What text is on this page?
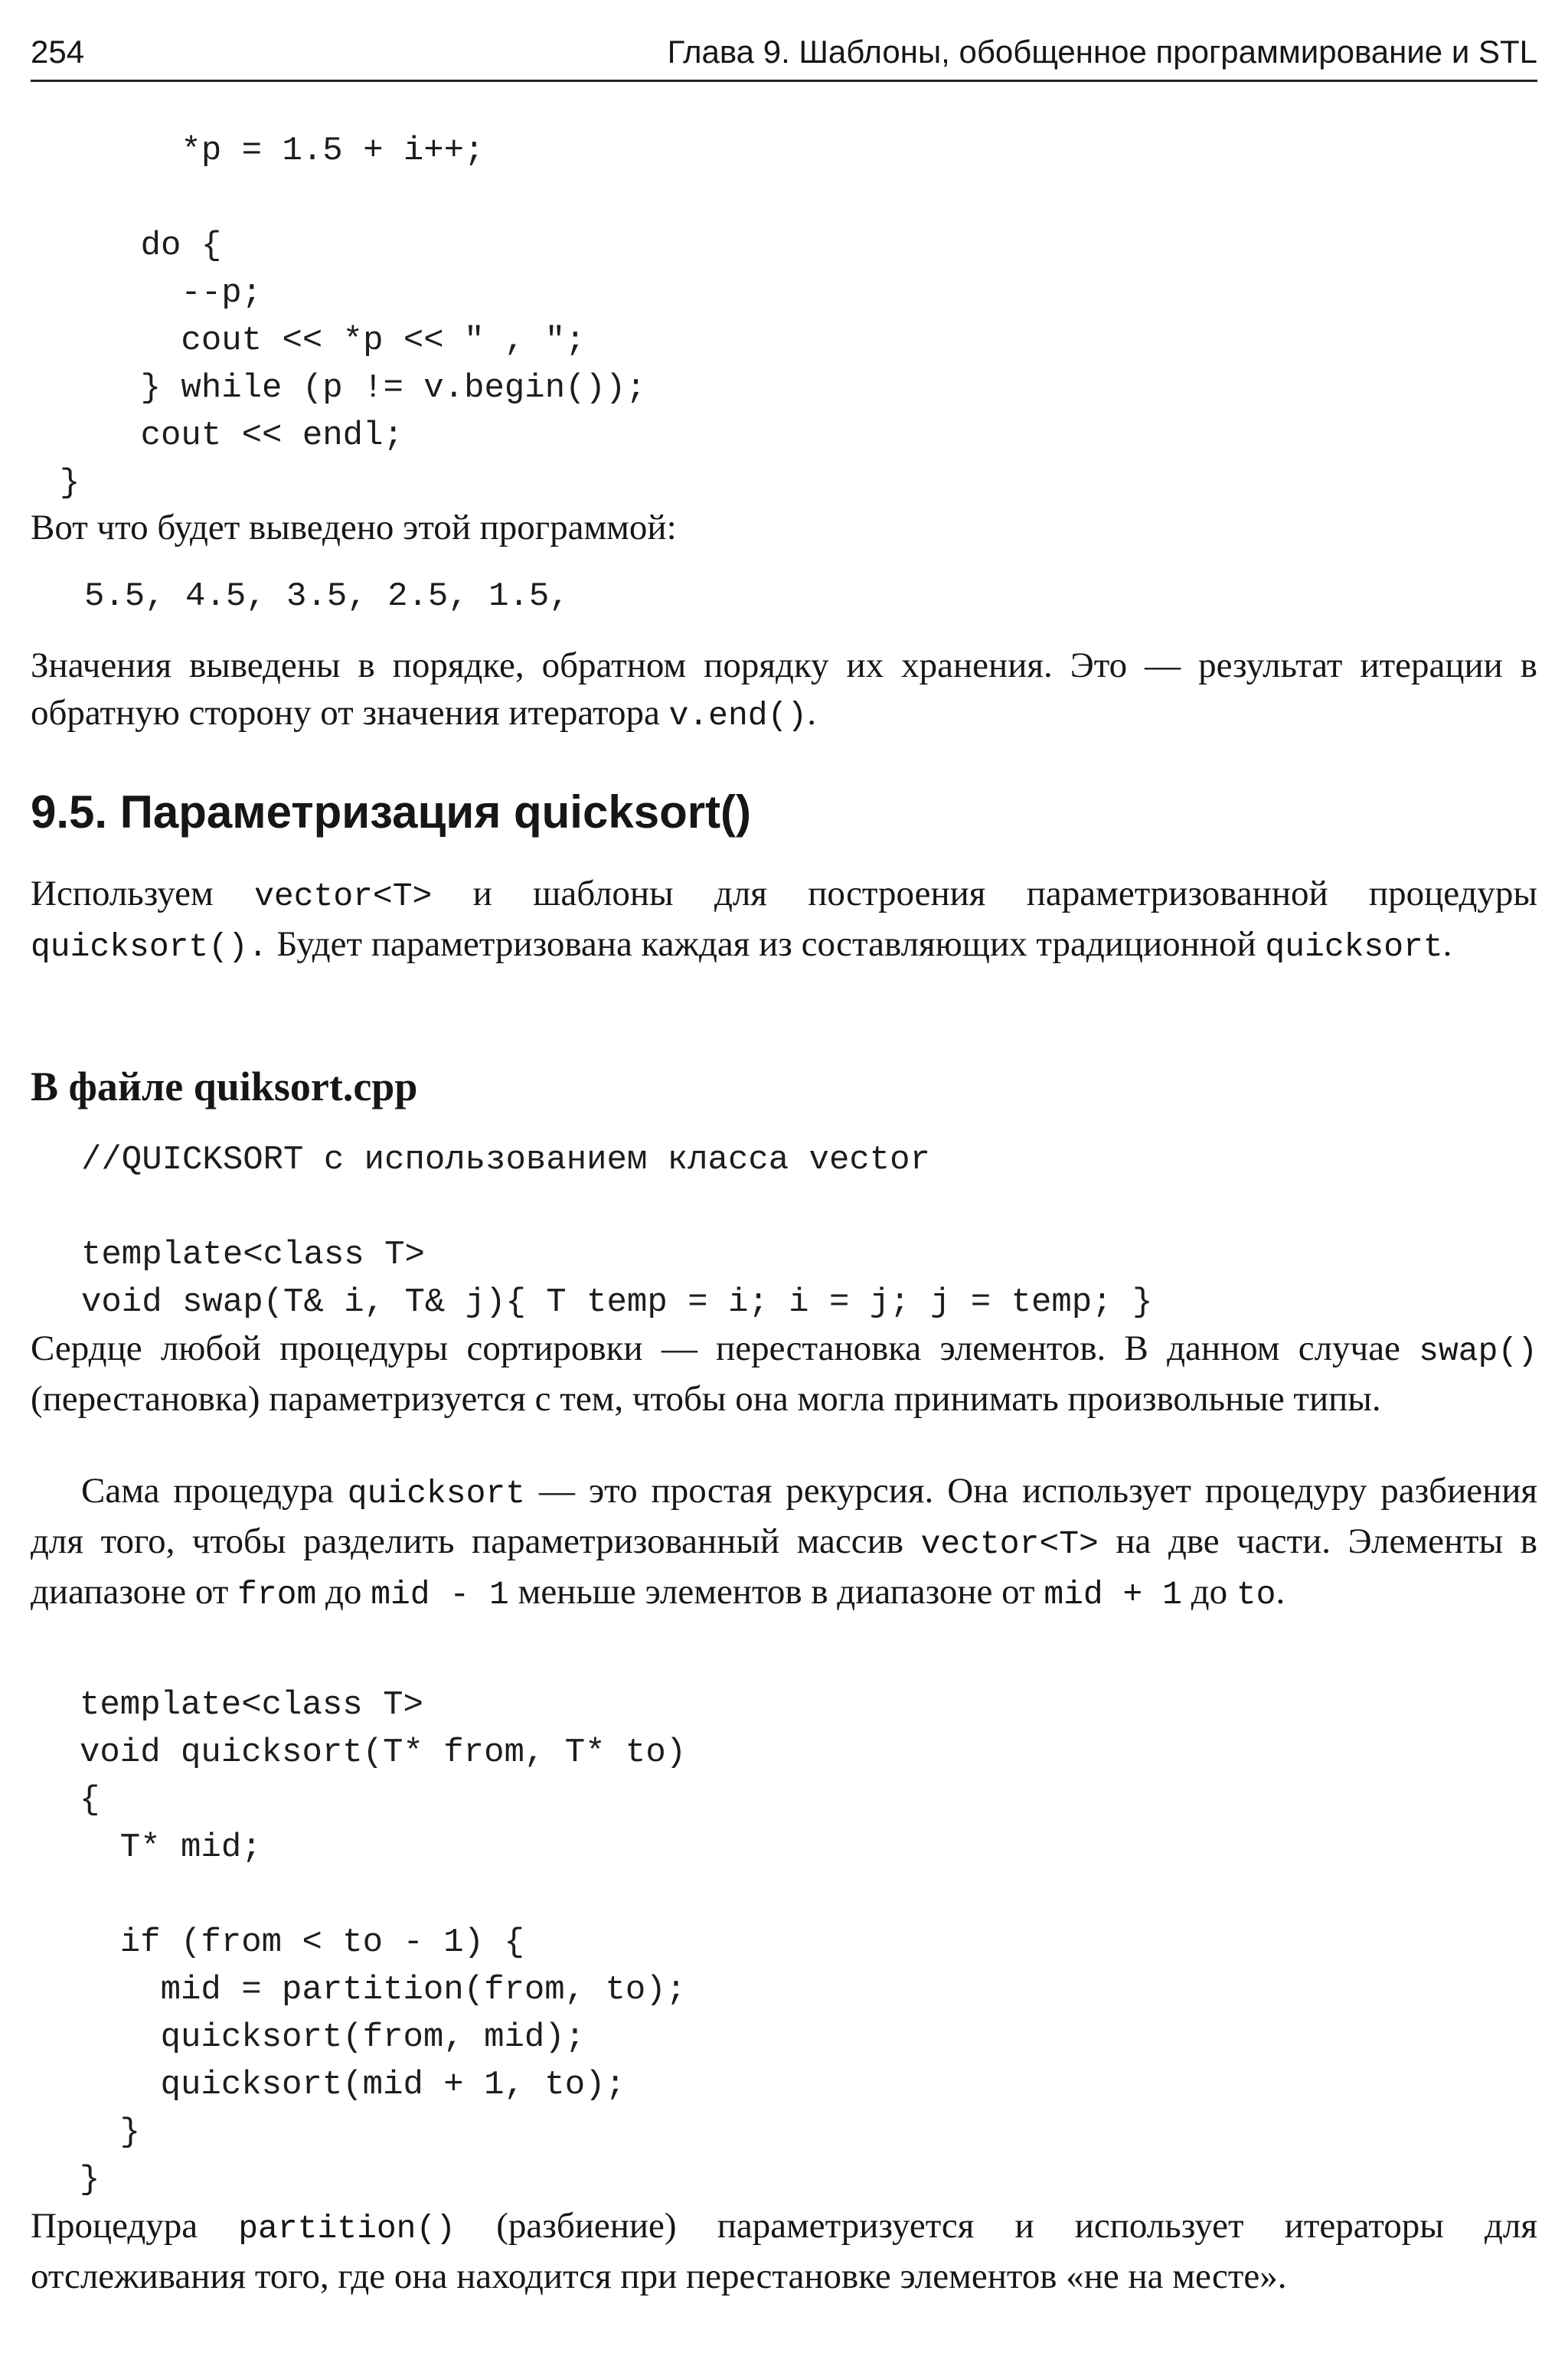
254	Глава 9. Шаблоны, обобщенное программирование и STL
*p = 1.5 + i++;

do {
--p;
cout << *p << " , ";
} while (p != v.begin());
cout << endl;
}

Вот что будет выведено этой программой:

5.5, 4.5, 3.5, 2.5, 1.5,

Значения выведены в порядке, обратном порядку их хранения. Это — результат итерации в обратную сторону от значения итератора v.end().

9.5. Параметризация quicksort()

Используем vector<T> и шаблоны для построения параметризованной процедуры quicksort(). Будет параметризована каждая из составляющих традиционной quicksort.

В файле quiksort.cpp
//QUICKSORT с использованием класса vector

template<class T>
void swap(T& i, T& j){ T temp = i; i = j; j = temp; }

Сердце любой процедуры сортировки — перестановка элементов. В данном случае swap() (перестановка) параметризуется с тем, чтобы она могла принимать произвольные типы.

Сама процедура quicksort — это простая рекурсия. Она использует процедуру разбиения для того, чтобы разделить параметризованный массив vector<T> на две части. Элементы в диапазоне от from до mid - 1 меньше элементов в диапазоне от mid + 1 до to.

template<class T>
void quicksort(T* from, T* to)
{
T* mid;

if (from < to - 1) {
mid = partition(from, to);
quicksort(from, mid);
quicksort(mid + 1, to);
}
}

Процедура partition() (разбиение) параметризуется и использует итераторы для отслеживания того, где она находится при перестановке элементов «не на месте».
